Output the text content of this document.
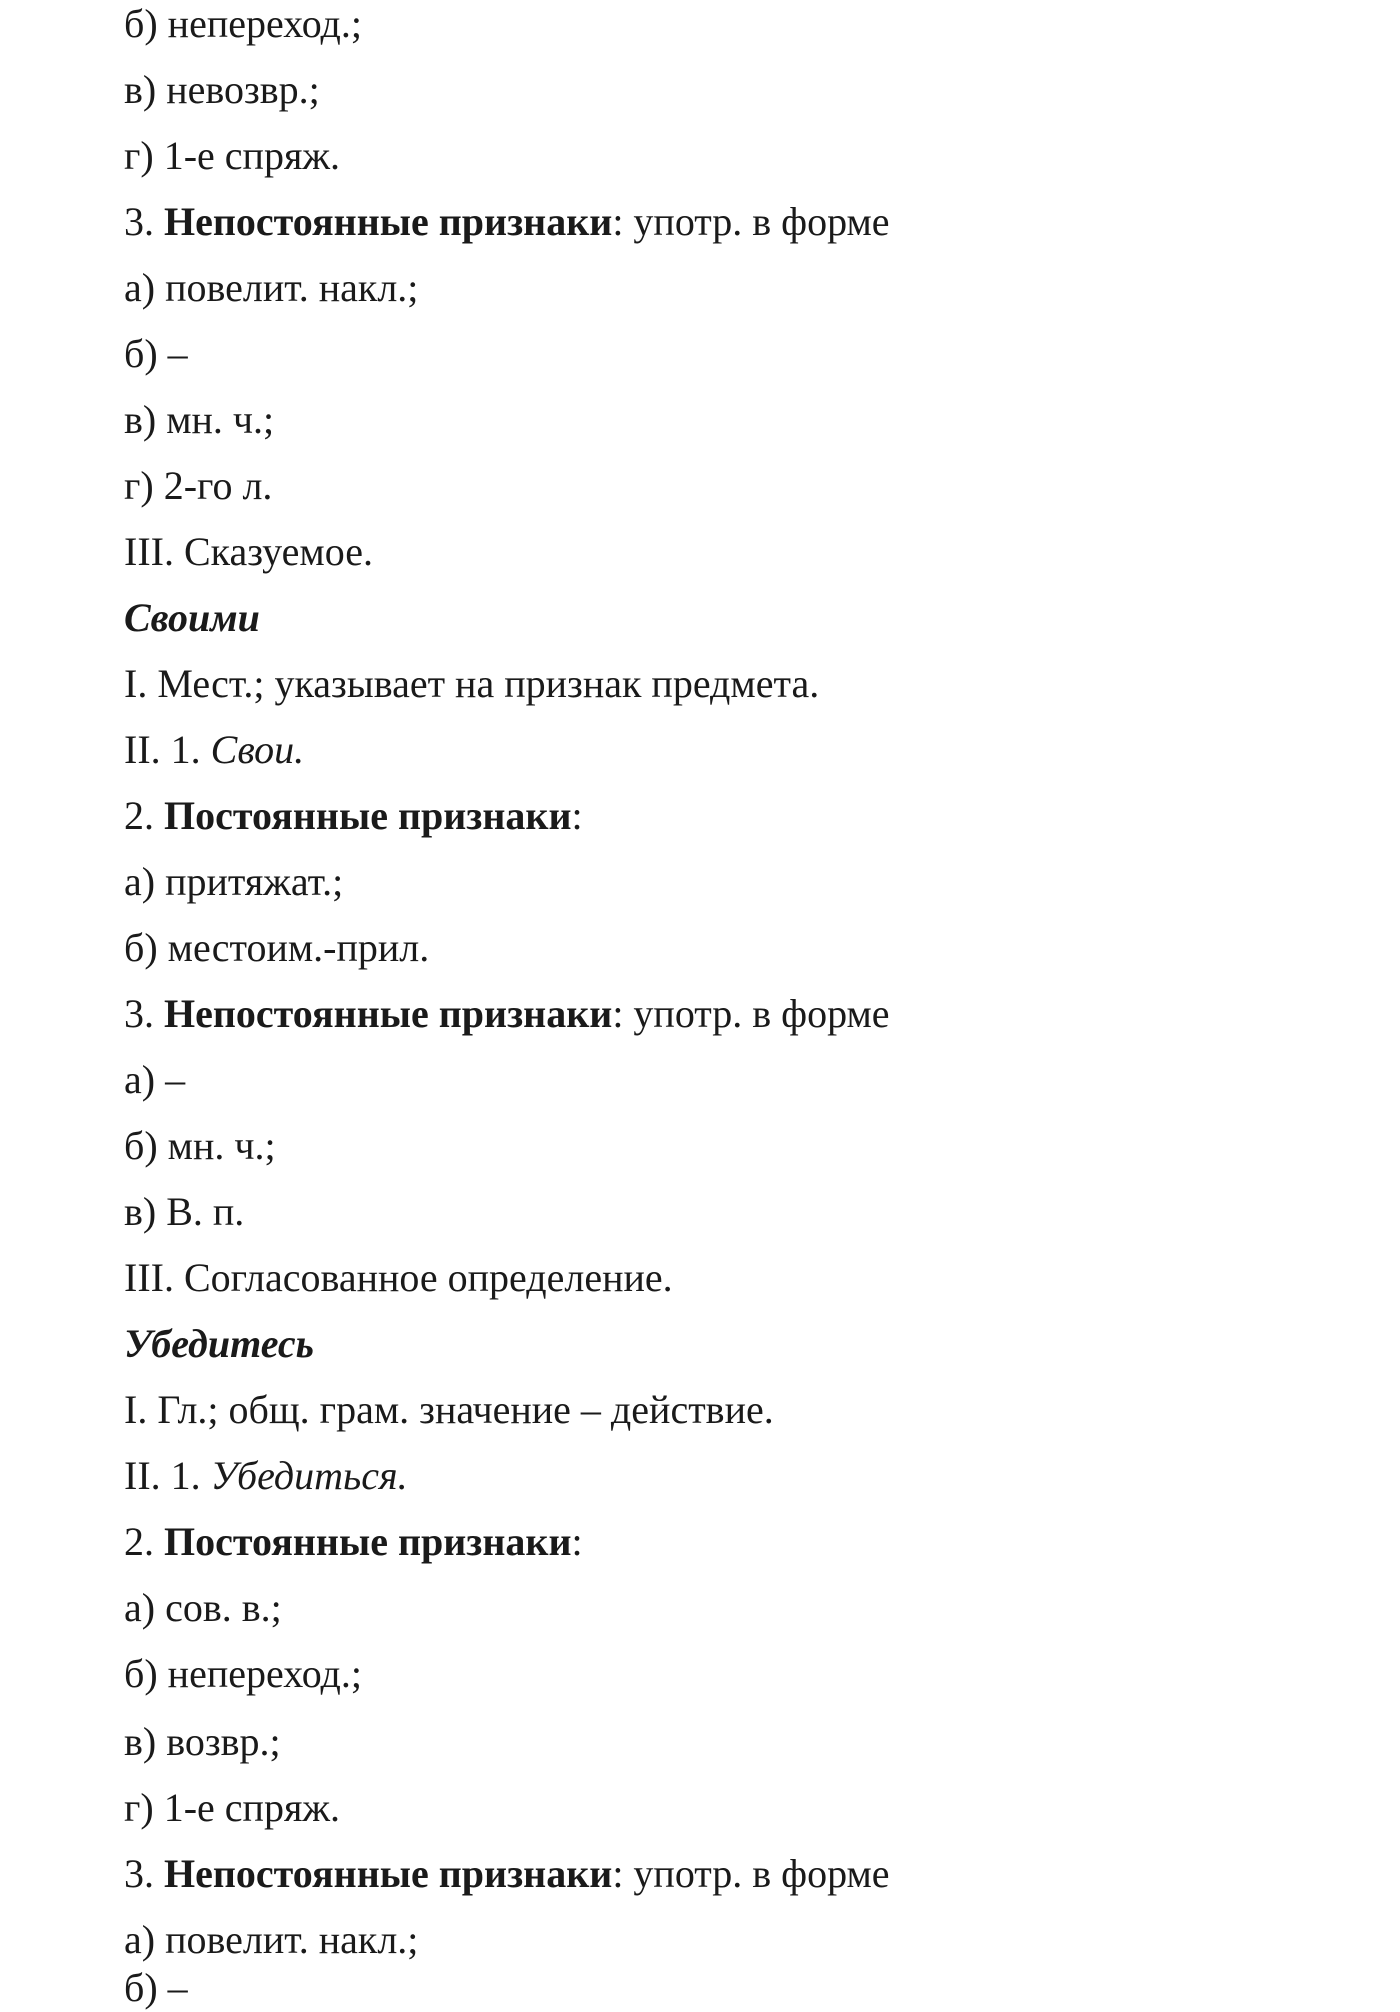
б) непереход.;
в) невозвр.;
г) 1-е спряж.
3. Непостоянные признаки: употр. в форме
а) повелит. накл.;
б) –
в) мн. ч.;
г) 2-го л.
III. Сказуемое.
Своими
I. Мест.; указывает на признак предмета.
II. 1. Свои.
2. Постоянные признаки:
а) притяжат.;
б) местоим.-прил.
3. Непостоянные признаки: употр. в форме
а) –
б) мн. ч.;
в) В. п.
III. Согласованное определение.
Убедитесь
I. Гл.; общ. грам. значение – действие.
II. 1. Убедиться.
2. Постоянные признаки:
а) сов. в.;
б) непереход.;
в) возвр.;
г) 1-е спряж.
3. Непостоянные признаки: употр. в форме
а) повелит. накл.;
б) –
